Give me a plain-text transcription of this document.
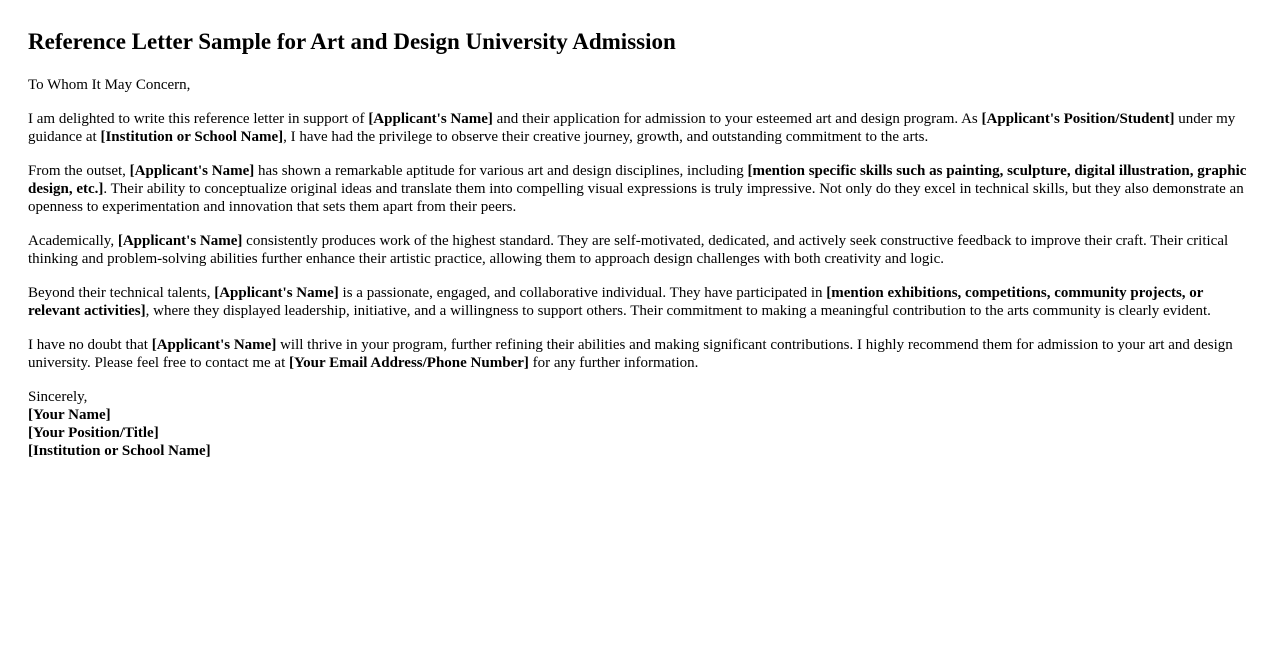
Reference Letter Sample for Art and Design University Admission

To Whom It May Concern,

I am delighted to write this reference letter in support of [Applicant's Name] and their application for admission to your esteemed art and design program. As [Applicant's Position/Student] under my guidance at [Institution or School Name], I have had the privilege to observe their creative journey, growth, and outstanding commitment to the arts.

From the outset, [Applicant's Name] has shown a remarkable aptitude for various art and design disciplines, including [mention specific skills such as painting, sculpture, digital illustration, graphic design, etc.]. Their ability to conceptualize original ideas and translate them into compelling visual expressions is truly impressive. Not only do they excel in technical skills, but they also demonstrate an openness to experimentation and innovation that sets them apart from their peers.

Academically, [Applicant's Name] consistently produces work of the highest standard. They are self-motivated, dedicated, and actively seek constructive feedback to improve their craft. Their critical thinking and problem-solving abilities further enhance their artistic practice, allowing them to approach design challenges with both creativity and logic.

Beyond their technical talents, [Applicant's Name] is a passionate, engaged, and collaborative individual. They have participated in [mention exhibitions, competitions, community projects, or relevant activities], where they displayed leadership, initiative, and a willingness to support others. Their commitment to making a meaningful contribution to the arts community is clearly evident.

I have no doubt that [Applicant's Name] will thrive in your program, further refining their abilities and making significant contributions. I highly recommend them for admission to your art and design university. Please feel free to contact me at [Your Email Address/Phone Number] for any further information.

Sincerely,
[Your Name]
[Your Position/Title]
[Institution or School Name]
